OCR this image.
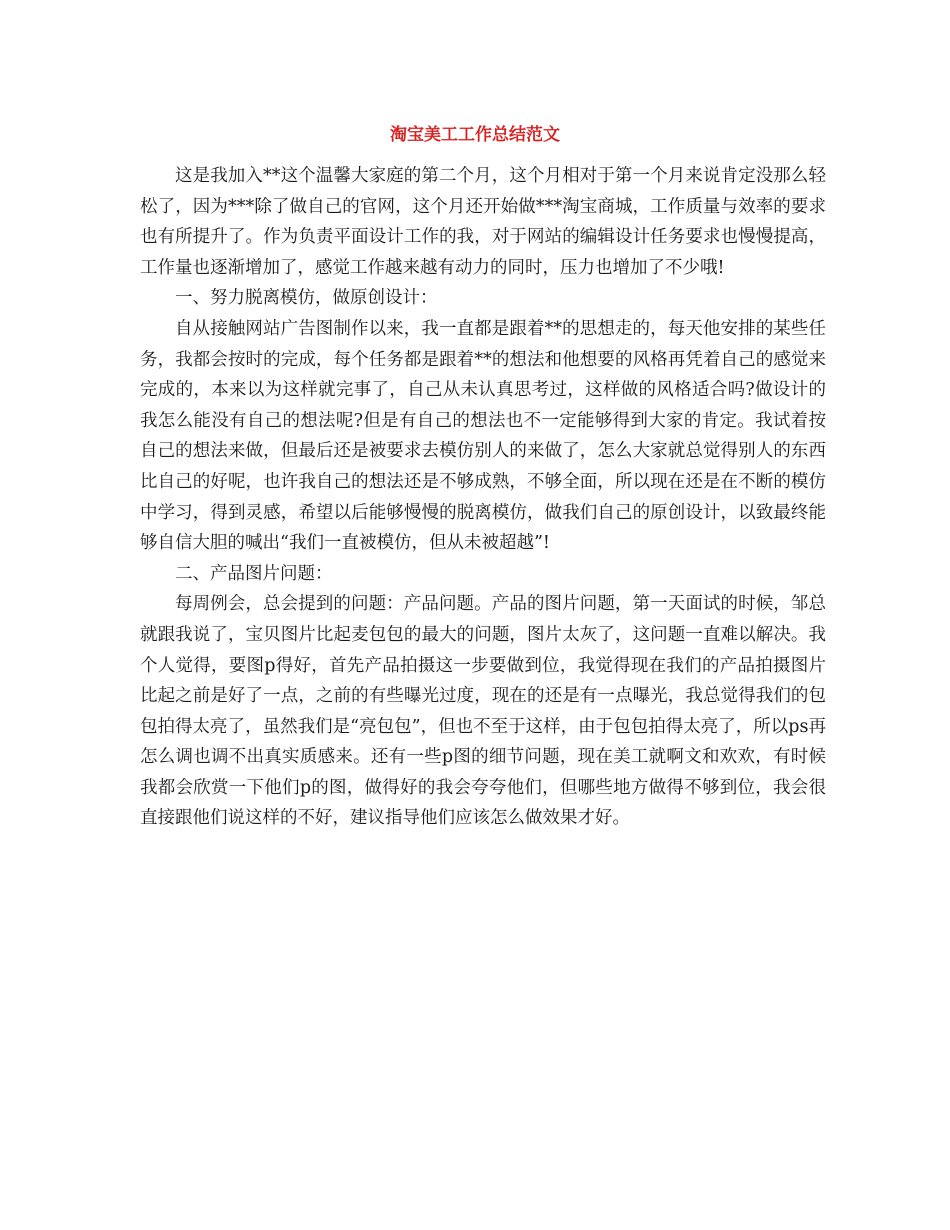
淘宝美工工作总结范文

这是我加入**这个温馨大家庭的第二个月，这个月相对于第一个月来说肯定没那么轻松了，因为***除了做自己的官网，这个月还开始做***淘宝商城，工作质量与效率的要求也有所提升了。作为负责平面设计工作的我，对于网站的编辑设计任务要求也慢慢提高，工作量也逐渐增加了，感觉工作越来越有动力的同时，压力也增加了不少哦!

一、努力脱离模仿，做原创设计：

自从接触网站广告图制作以来，我一直都是跟着**的思想走的，每天他安排的某些任务，我都会按时的完成，每个任务都是跟着**的想法和他想要的风格再凭着自己的感觉来完成的，本来以为这样就完事了，自己从未认真思考过，这样做的风格适合吗?做设计的我怎么能没有自己的想法呢?但是有自己的想法也不一定能够得到大家的肯定。我试着按自己的想法来做，但最后还是被要求去模仿别人的来做了，怎么大家就总觉得别人的东西比自己的好呢，也许我自己的想法还是不够成熟，不够全面，所以现在还是在不断的模仿中学习，得到灵感，希望以后能够慢慢的脱离模仿，做我们自己的原创设计，以致最终能够自信大胆的喊出“我们一直被模仿，但从未被超越”!

二、产品图片问题：

每周例会，总会提到的问题：产品问题。产品的图片问题，第一天面试的时候，邹总就跟我说了，宝贝图片比起麦包包的最大的问题，图片太灰了，这问题一直难以解决。我个人觉得，要图p得好，首先产品拍摄这一步要做到位，我觉得现在我们的产品拍摄图片比起之前是好了一点，之前的有些曝光过度，现在的还是有一点曝光，我总觉得我们的包包拍得太亮了，虽然我们是“亮包包”，但也不至于这样，由于包包拍得太亮了，所以ps再怎么调也调不出真实质感来。还有一些p图的细节问题，现在美工就啊文和欢欢，有时候我都会欣赏一下他们p的图，做得好的我会夸夸他们，但哪些地方做得不够到位，我会很直接跟他们说这样的不好，建议指导他们应该怎么做效果才好。
